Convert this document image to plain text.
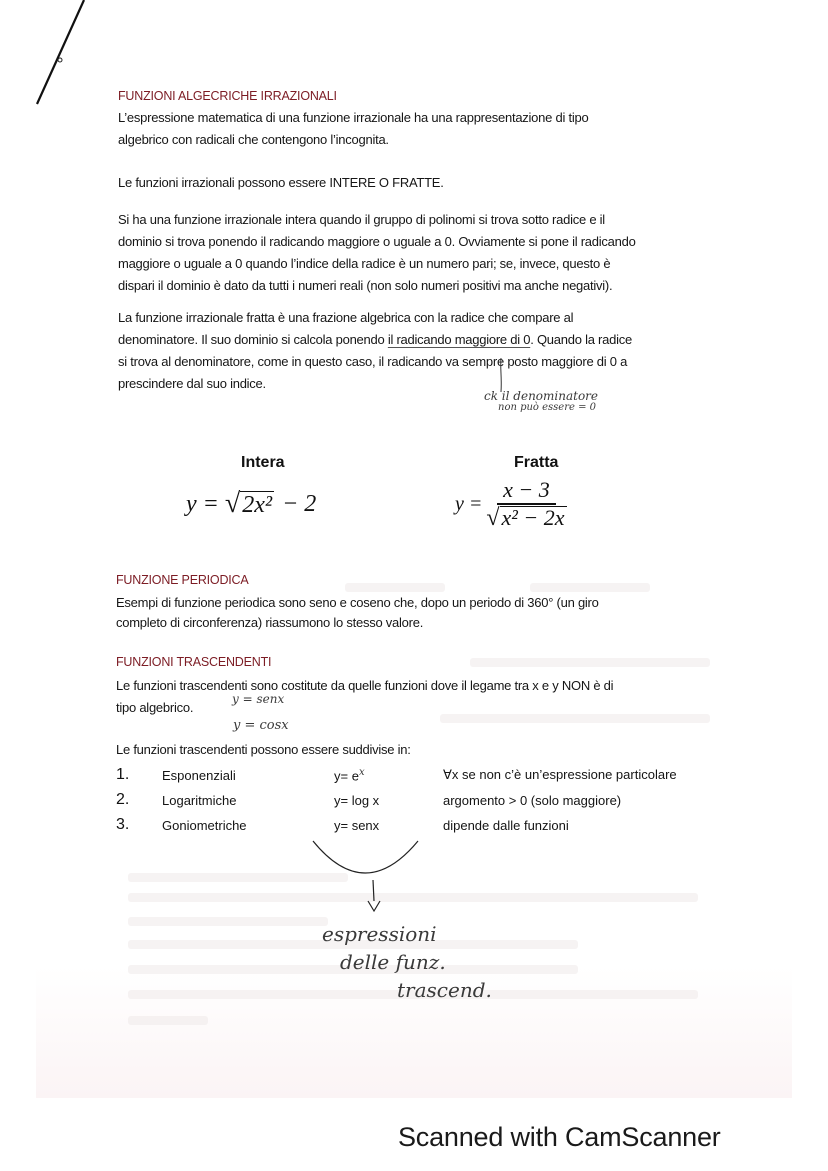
FUNZIONI ALGECRICHE IRRAZIONALI

L’espressione matematica di una funzione irrazionale ha una rappresentazione di tipo

algebrico con radicali che contengono l’incognita.

Le funzioni irrazionali possono essere INTERE O FRATTE.

Si ha una funzione irrazionale intera quando il gruppo di polinomi si trova sotto radice e il

dominio si trova ponendo il radicando maggiore o uguale a 0. Ovviamente si pone il radicando

maggiore o uguale a 0 quando l’indice della radice è un numero pari; se, invece, questo è

dispari il dominio è dato da tutti i numeri reali (non solo numeri positivi ma anche negativi).

La funzione irrazionale fratta è una frazione algebrica con la radice che compare al

denominatore. Il suo dominio si calcola ponendo il radicando maggiore di 0. Quando la radice

si trova al denominatore, come in questo caso, il radicando va sempre posto maggiore di 0 a

prescindere dal suo indice.

ck il denominatore
non può essere = 0
Intera
y = √ 2x² − 2
Fratta
$y = \frac{x - 3}{\text{√x² − 2x}}$
FUNZIONE PERIODICA

Esempi di funzione periodica sono seno e coseno che, dopo un periodo di 360° (un giro

completo di circonferenza) riassumono lo stesso valore.

FUNZIONI TRASCENDENTI

Le funzioni trascendenti sono costitute da quelle funzioni dove il legame tra x e y NON è di

tipo algebrico.

y = senx
y = cosx
Le funzioni trascendenti possono essere suddivise in:
1.	Esponenziali	$y= e^x$	∀x se non c’è un’espressione particolare
2.	Logaritmiche	y= log x	argomento > 0 (solo maggiore)
3.	Goniometriche	y= senx	dipende dalle funzioni
espressioni
delle funz.
trascend.
Scanned with CamScanner
